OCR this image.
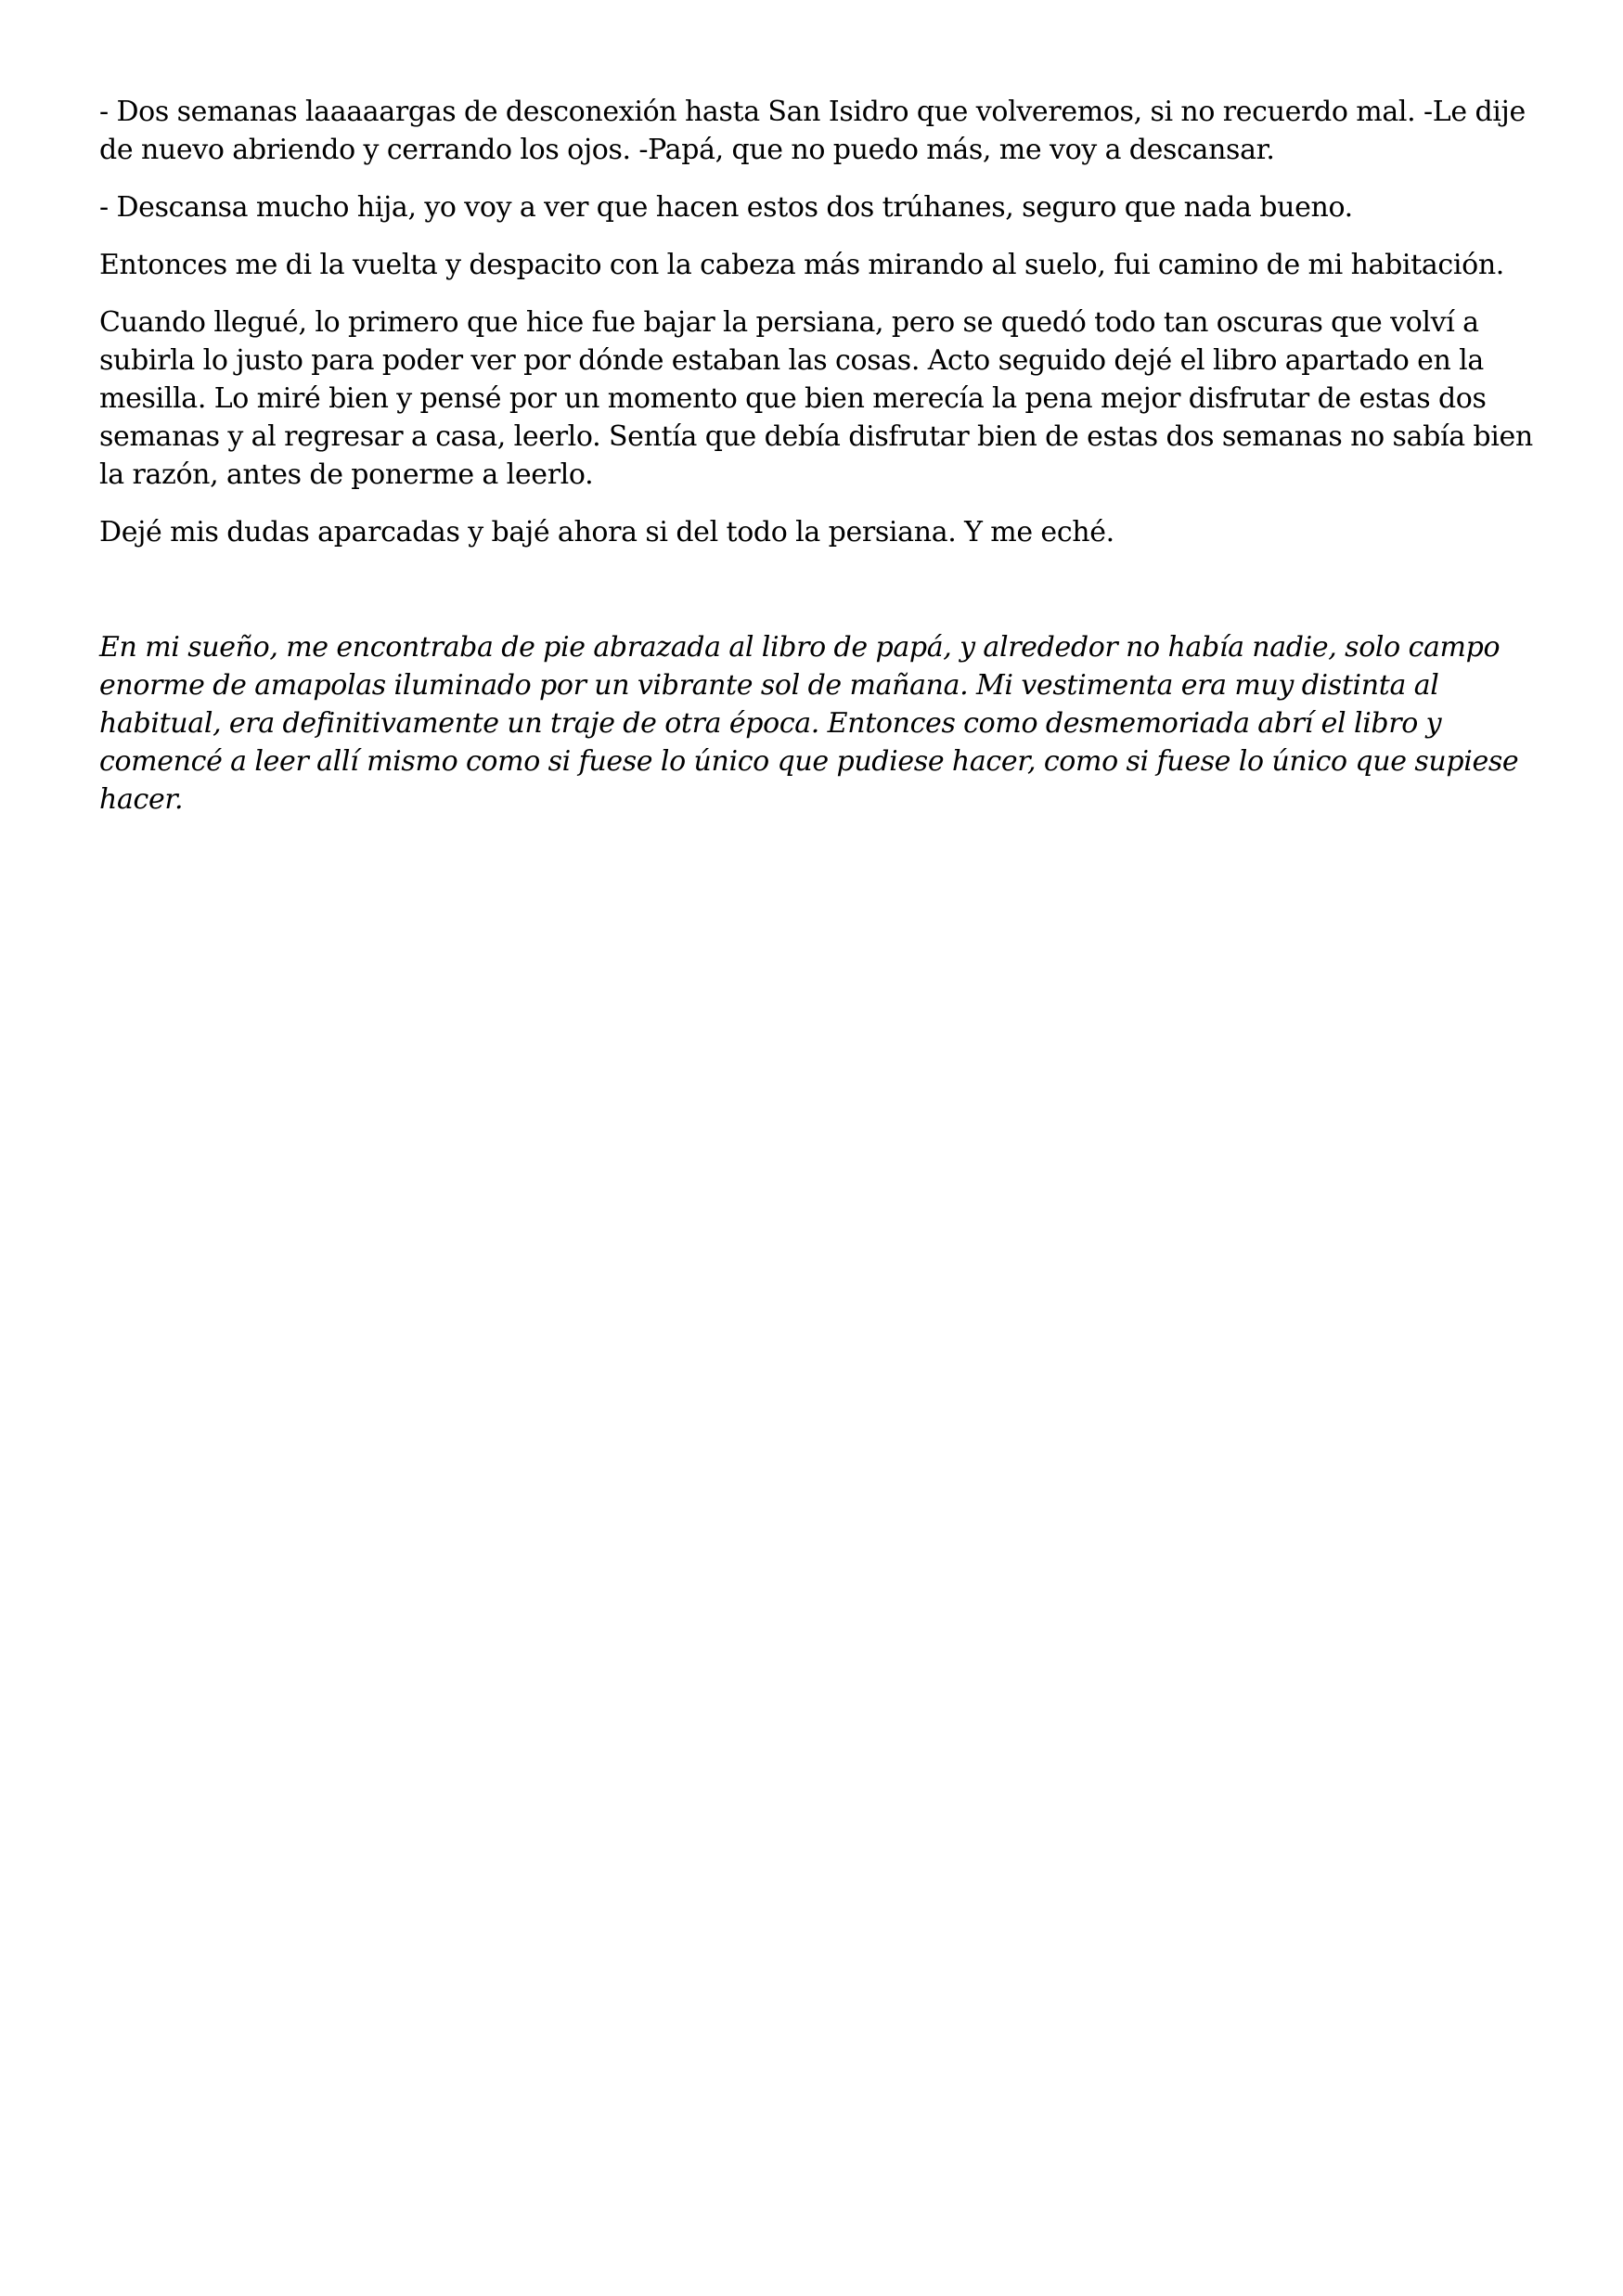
- Dos semanas laaaaargas de desconexión hasta San Isidro que volveremos, si no recuerdo mal. -Le dije de nuevo abriendo y cerrando los ojos. -Papá, que no puedo más, me voy a descansar.

- Descansa mucho hija, yo voy a ver que hacen estos dos trúhanes, seguro que nada bueno.

Entonces me di la vuelta y despacito con la cabeza más mirando al suelo, fui camino de mi habitación.

Cuando llegué, lo primero que hice fue bajar la persiana, pero se quedó todo tan oscuras que volví a subirla lo justo para poder ver por dónde estaban las cosas. Acto seguido dejé el libro apartado en la mesilla. Lo miré bien y pensé por un momento que bien merecía la pena mejor disfrutar de estas dos semanas y al regresar a casa, leerlo. Sentía que debía disfrutar bien de estas dos semanas no sabía bien la razón, antes de ponerme a leerlo.

Dejé mis dudas aparcadas y bajé ahora si del todo la persiana. Y me eché.

En mi sueño, me encontraba de pie abrazada al libro de papá, y alrededor no había nadie, solo campo enorme de amapolas iluminado por un vibrante sol de mañana. Mi vestimenta era muy distinta al habitual, era definitivamente un traje de otra época. Entonces como desmemoriada abrí el libro y comencé a leer allí mismo como si fuese lo único que pudiese hacer, como si fuese lo único que supiese hacer.
